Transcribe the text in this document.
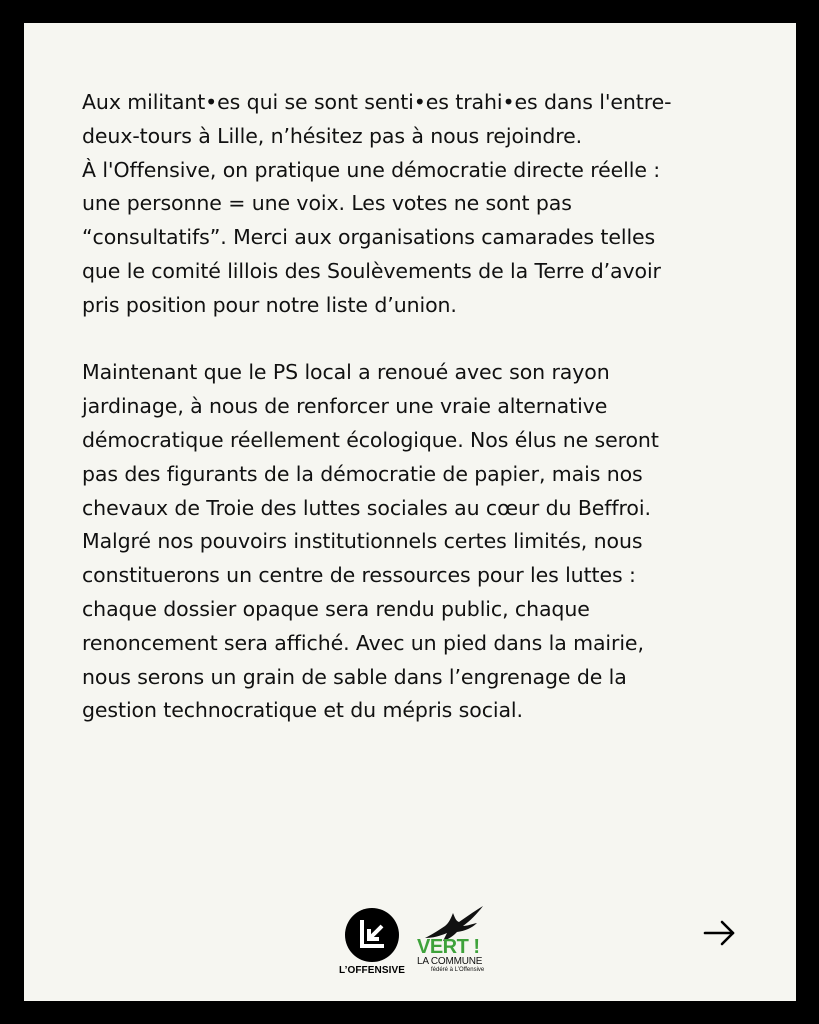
Aux militant•es qui se sont senti•es trahi•es dans l'entre-
deux-tours à Lille, n’hésitez pas à nous rejoindre.
À l'Offensive, on pratique une démocratie directe réelle :
une personne = une voix. Les votes ne sont pas
“consultatifs”. Merci aux organisations camarades telles
que le comité lillois des Soulèvements de la Terre d’avoir
pris position pour notre liste d’union.
Maintenant que le PS local a renoué avec son rayon
jardinage, à nous de renforcer une vraie alternative
démocratique réellement écologique. Nos élus ne seront
pas des figurants de la démocratie de papier, mais nos
chevaux de Troie des luttes sociales au cœur du Beffroi.
Malgré nos pouvoirs institutionnels certes limités, nous
constituerons un centre de ressources pour les luttes :
chaque dossier opaque sera rendu public, chaque
renoncement sera affiché. Avec un pied dans la mairie,
nous serons un grain de sable dans l’engrenage de la
gestion technocratique et du mépris social.
L’OFFENSIVE
VERT !
LA COMMUNE
fédéré à L’Offensive
